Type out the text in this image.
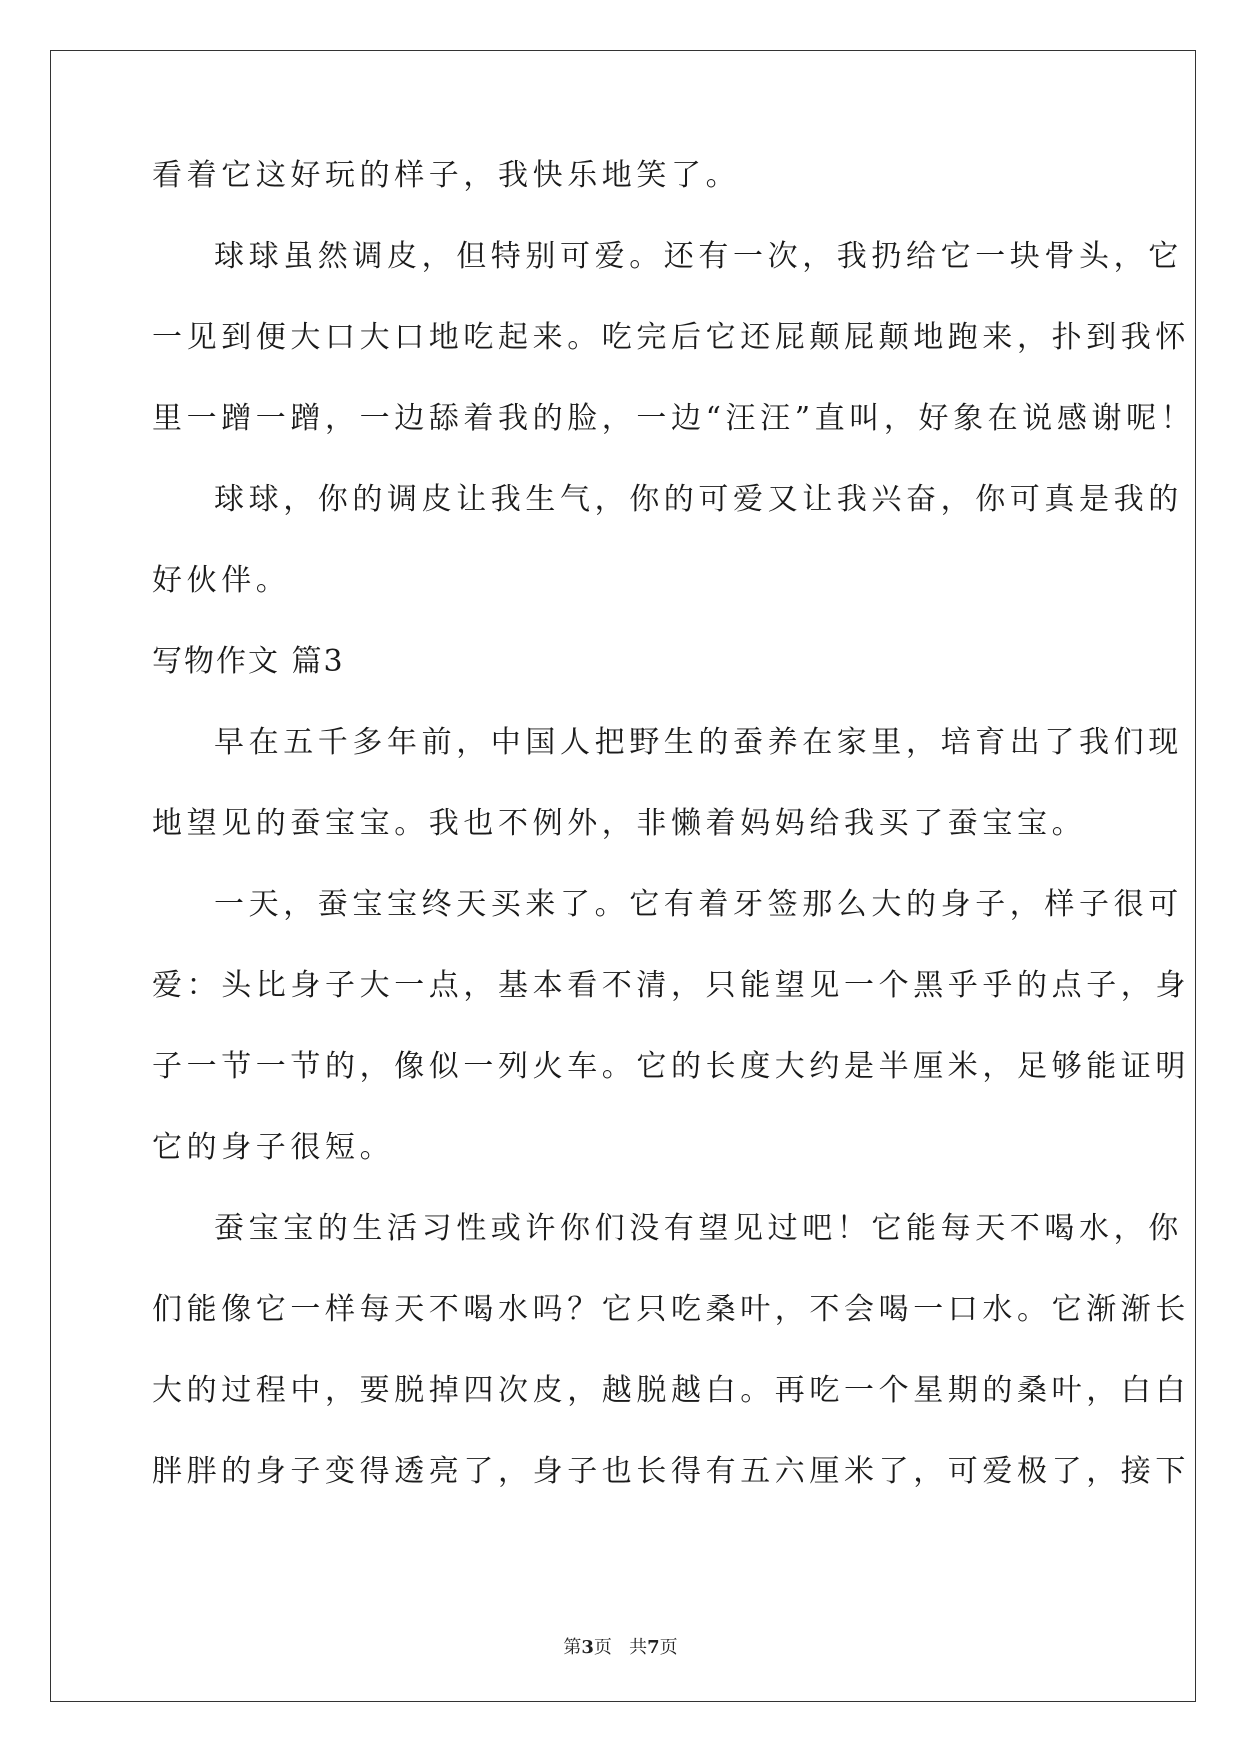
看着它这好玩的样子，我快乐地笑了。
球球虽然调皮，但特别可爱。还有一次，我扔给它一块骨头，它
一见到便大口大口地吃起来。吃完后它还屁颠屁颠地跑来，扑到我怀
里一蹭一蹭，一边舔着我的脸，一边“汪汪”直叫，好象在说感谢呢！
球球，你的调皮让我生气，你的可爱又让我兴奋，你可真是我的
好伙伴。
写物作文 篇3
早在五千多年前，中国人把野生的蚕养在家里，培育出了我们现
地望见的蚕宝宝。我也不例外，非懒着妈妈给我买了蚕宝宝。
一天，蚕宝宝终天买来了。它有着牙签那么大的身子，样子很可
爱：头比身子大一点，基本看不清，只能望见一个黑乎乎的点子，身
子一节一节的，像似一列火车。它的长度大约是半厘米，足够能证明
它的身子很短。
蚕宝宝的生活习性或许你们没有望见过吧！它能每天不喝水，你
们能像它一样每天不喝水吗？它只吃桑叶，不会喝一口水。它渐渐长
大的过程中，要脱掉四次皮，越脱越白。再吃一个星期的桑叶，白白
胖胖的身子变得透亮了，身子也长得有五六厘米了，可爱极了，接下
第3页 共7页
